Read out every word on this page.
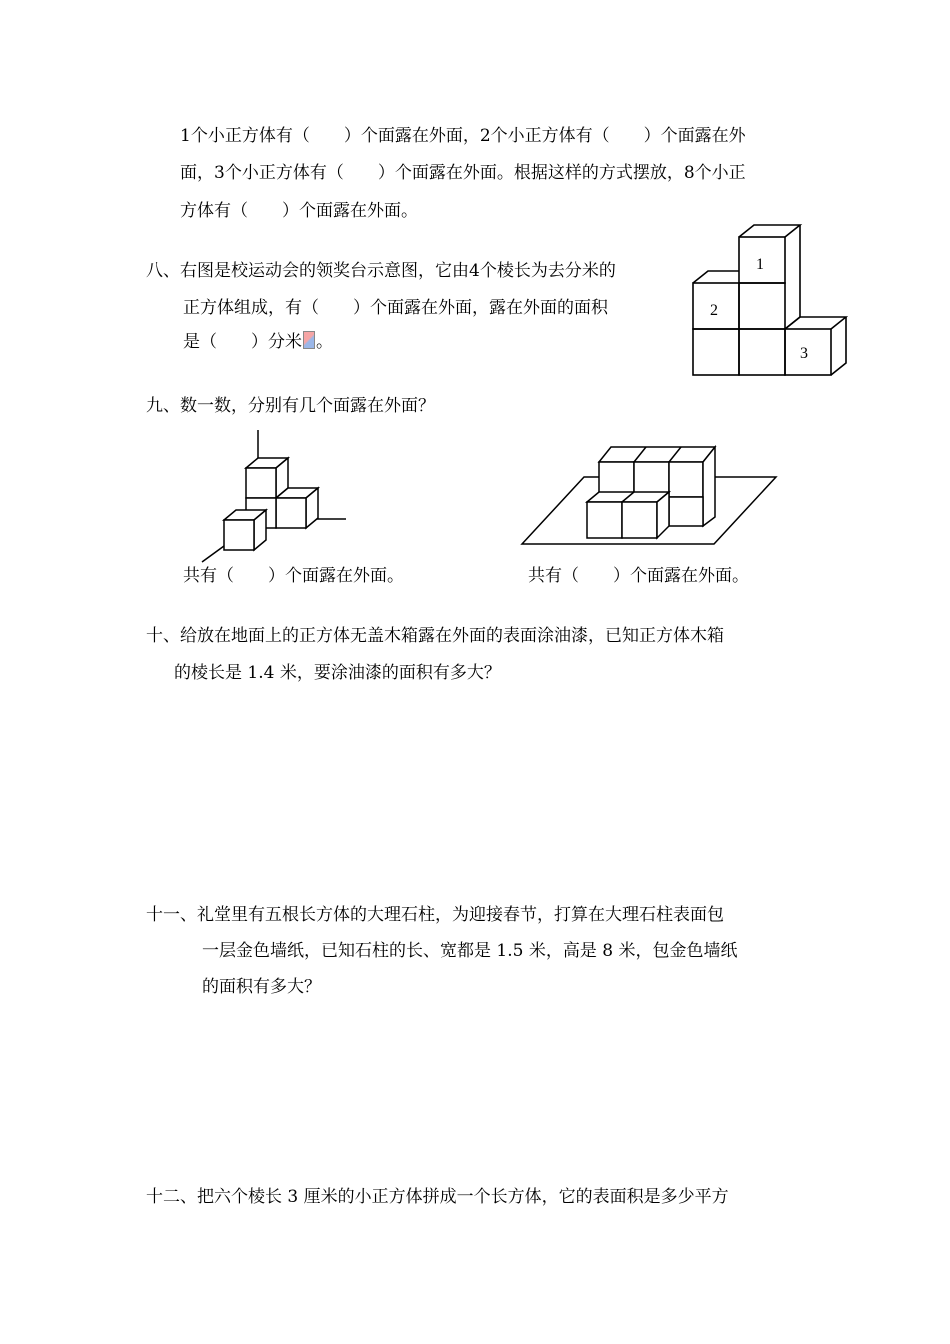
1个小正方体有（　　）个面露在外面，2个小正方体有（　　）个面露在外
面，3个小正方体有（　　）个面露在外面。根据这样的方式摆放，8个小正
方体有（　　）个面露在外面。
八、右图是校运动会的领奖台示意图，它由4个棱长为去分米的
正方体组成，有（　　）个面露在外面，露在外面的面积
是（　　）分米 。
1
2
3
九、数一数，分别有几个面露在外面？
共有（　　）个面露在外面。	共有（　　）个面露在外面。
十、给放在地面上的正方体无盖木箱露在外面的表面涂油漆，已知正方体木箱
的棱长是 1.4 米，要涂油漆的面积有多大？
十一、礼堂里有五根长方体的大理石柱，为迎接春节，打算在大理石柱表面包
一层金色墙纸，已知石柱的长、宽都是 1.5 米，高是 8 米，包金色墙纸
的面积有多大？
十二、把六个棱长 3 厘米的小正方体拼成一个长方体，它的表面积是多少平方
